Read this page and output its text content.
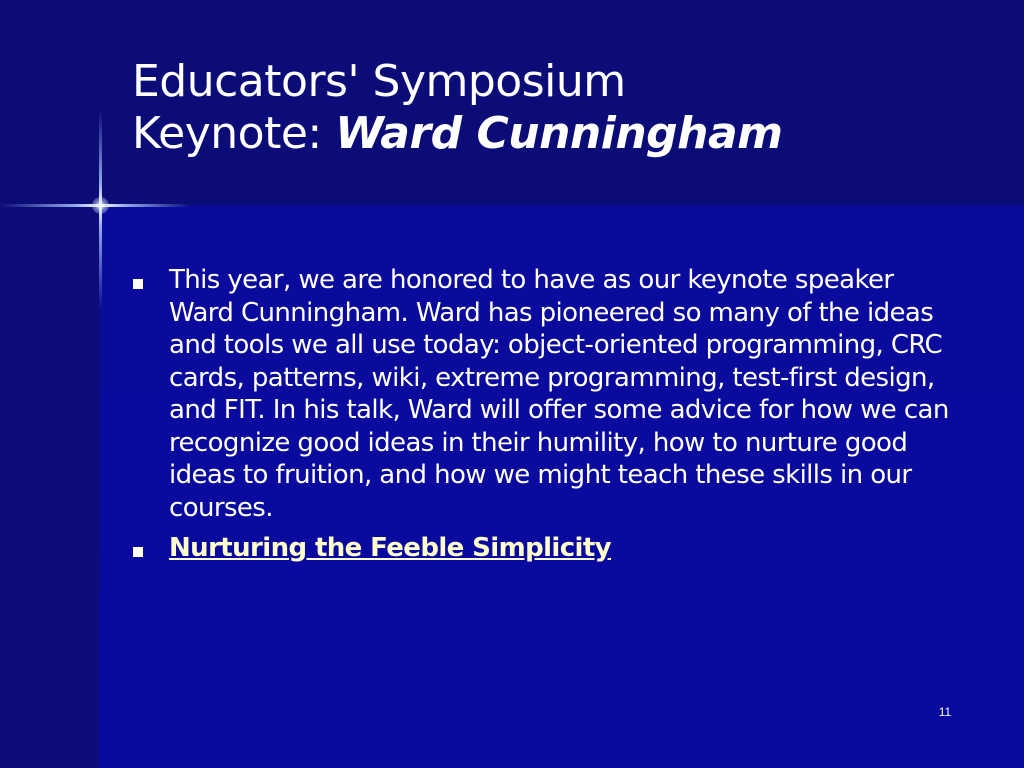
Educators' Symposium
Keynote: Ward Cunningham
This year, we are honored to have as our keynote speaker Ward Cunningham. Ward has pioneered so many of the ideas and tools we all use today: object-oriented programming, CRC cards, patterns, wiki, extreme programming, test-first design, and FIT. In his talk, Ward will offer some advice for how we can recognize good ideas in their humility, how to nurture good ideas to fruition, and how we might teach these skills in our courses.
Nurturing the Feeble Simplicity
11
